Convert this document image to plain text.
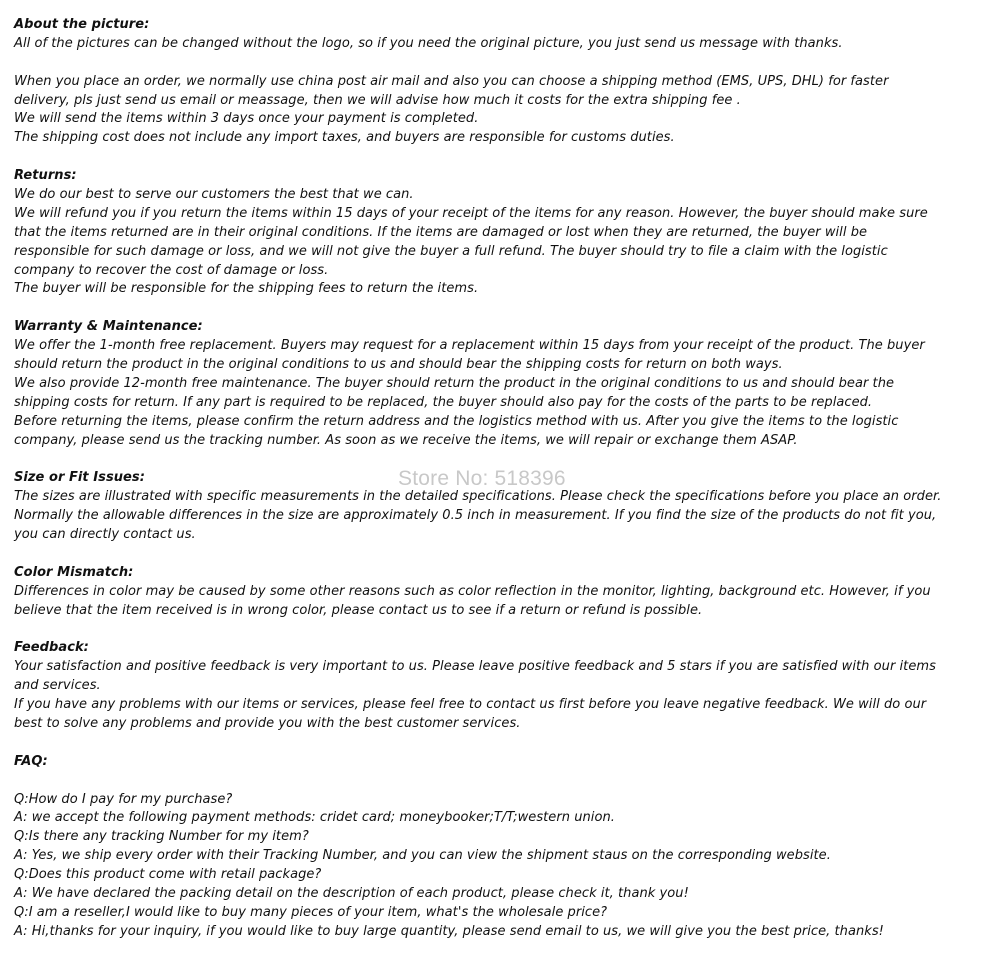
About the picture:
All of the pictures can be changed without the logo, so if you need the original picture, you just send us message with thanks.
When you place an order, we normally use china post air mail and also you can choose a shipping method (EMS, UPS, DHL) for faster
delivery, pls just send us email or meassage, then we will advise how much it costs for the extra shipping fee .
We will send the items within 3 days once your payment is completed.
The shipping cost does not include any import taxes, and buyers are responsible for customs duties.
Returns:
We do our best to serve our customers the best that we can.
We will refund you if you return the items within 15 days of your receipt of the items for any reason. However, the buyer should make sure
that the items returned are in their original conditions. If the items are damaged or lost when they are returned, the buyer will be
responsible for such damage or loss, and we will not give the buyer a full refund. The buyer should try to file a claim with the logistic
company to recover the cost of damage or loss.
The buyer will be responsible for the shipping fees to return the items.
Warranty & Maintenance:
We offer the 1-month free replacement. Buyers may request for a replacement within 15 days from your receipt of the product. The buyer
should return the product in the original conditions to us and should bear the shipping costs for return on both ways.
We also provide 12-month free maintenance. The buyer should return the product in the original conditions to us and should bear the
shipping costs for return. If any part is required to be replaced, the buyer should also pay for the costs of the parts to be replaced.
Before returning the items, please confirm the return address and the logistics method with us. After you give the items to the logistic
company, please send us the tracking number. As soon as we receive the items, we will repair or exchange them ASAP.
Size or Fit Issues:
The sizes are illustrated with specific measurements in the detailed specifications. Please check the specifications before you place an order.
Normally the allowable differences in the size are approximately 0.5 inch in measurement. If you find the size of the products do not fit you,
you can directly contact us.
Color Mismatch:
Differences in color may be caused by some other reasons such as color reflection in the monitor, lighting, background etc. However, if you
believe that the item received is in wrong color, please contact us to see if a return or refund is possible.
Feedback:
Your satisfaction and positive feedback is very important to us. Please leave positive feedback and 5 stars if you are satisfied with our items
and services.
If you have any problems with our items or services, please feel free to contact us first before you leave negative feedback. We will do our
best to solve any problems and provide you with the best customer services.
FAQ:
Q:How do I pay for my purchase?
A: we accept the following payment methods: cridet card; moneybooker;T/T;western union.
Q:Is there any tracking Number for my item?
A: Yes, we ship every order with their Tracking Number, and you can view the shipment staus on the corresponding website.
Q:Does this product come with retail package?
A: We have declared the packing detail on the description of each product, please check it, thank you!
Q:I am a reseller,I would like to buy many pieces of your item, what's the wholesale price?
A: Hi,thanks for your inquiry, if you would like to buy large quantity, please send email to us, we will give you the best price, thanks!
Store No: 518396
